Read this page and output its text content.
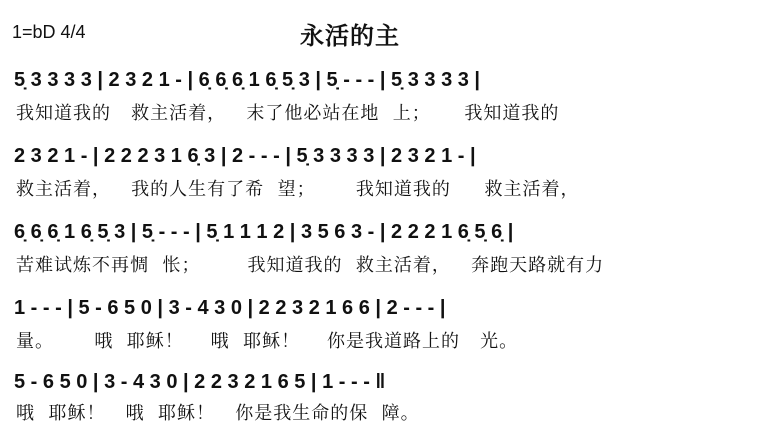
1=bD 4/4	永活的主
5̣ 3 3 3 3 | 2 3 2 1 - | 6̣ 6̣ 6̣ 1 6̣ 5̣ 3 | 5̣ - - - | 5̣ 3 3 3 3 |
我知道我的   救主活着，   末了他必站在地  上；     我知道我的
2 3 2 1 - | 2 2 2 3 1 6̣ 3 | 2 - - - | 5̣ 3 3 3 3 | 2 3 2 1 - |
救主活着，   我的人生有了希  望；      我知道我的     救主活着，
6̣ 6̣ 6̣ 1 6̣ 5̣ 3 | 5̣ - - - | 5̣ 1 1 1 2 | 3 5 6 3 - | 2 2 2 1 6̣ 5̣ 6̣ |
苦难试炼不再惆  怅；       我知道我的  救主活着，   奔跑天路就有力
1 - - - | 5 - 6 5 0 | 3 - 4 3 0 | 2 2 3 2 1 6 6 | 2 - - - |
量。      哦  耶稣！    哦  耶稣！    你是我道路上的   光。
5 - 6 5 0 | 3 - 4 3 0 | 2 2 3 2 1 6 5 | 1 - - - ‖
哦  耶稣！   哦  耶稣！   你是我生命的保  障。
